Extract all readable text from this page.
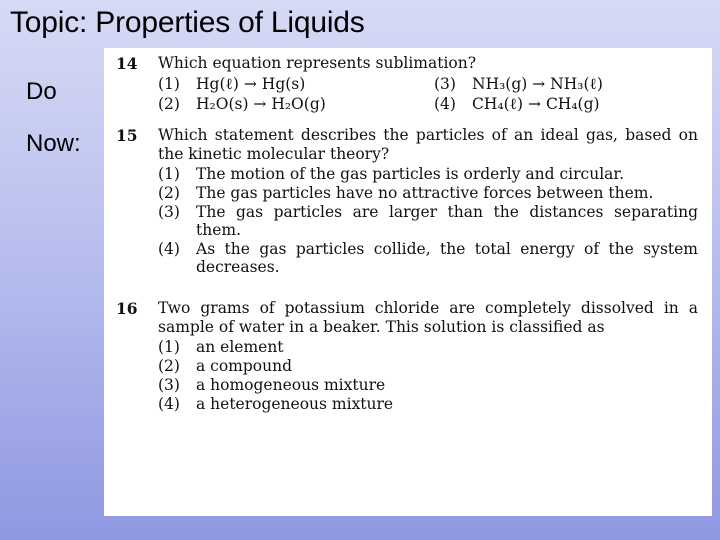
Topic: Properties of Liquids
Do
Now:
14	Which equation represents sublimation?
(1)	Hg(ℓ) → Hg(s)	(3)	NH₃(g) → NH₃(ℓ)
(2)	H₂O(s) → H₂O(g)	(4)	CH₄(ℓ) → CH₄(g)
15	Which statement describes the particles of an ideal gas, based on the kinetic molecular theory?
(1)	The motion of the gas particles is orderly and circular.
(2)	The gas particles have no attractive forces between them.
(3)	The gas particles are larger than the distances separating them.
(4)	As the gas particles collide, the total energy of the system decreases.
16	Two grams of potassium chloride are completely dissolved in a sample of water in a beaker. This solution is classified as
(1)	an element
(2)	a compound
(3)	a homogeneous mixture
(4)	a heterogeneous mixture
